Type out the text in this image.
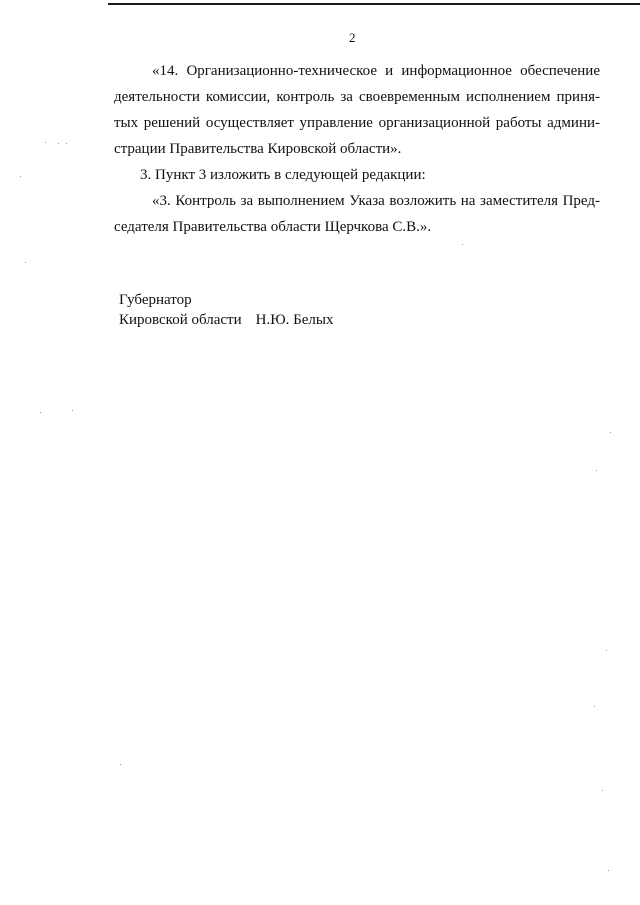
2
«14. Организационно-техническое и информационное обеспечение
деятельности комиссии, контроль за своевременным исполнением приня-
тых решений осуществляет управление организационной работы админи-
страции Правительства Кировской области».
3. Пункт 3 изложить в следующей редакции:
«3. Контроль за выполнением Указа возложить на заместителя Пред-
седателя Правительства области Щерчкова С.В.».
Губернатор
Кировской области Н.Ю. Белых
